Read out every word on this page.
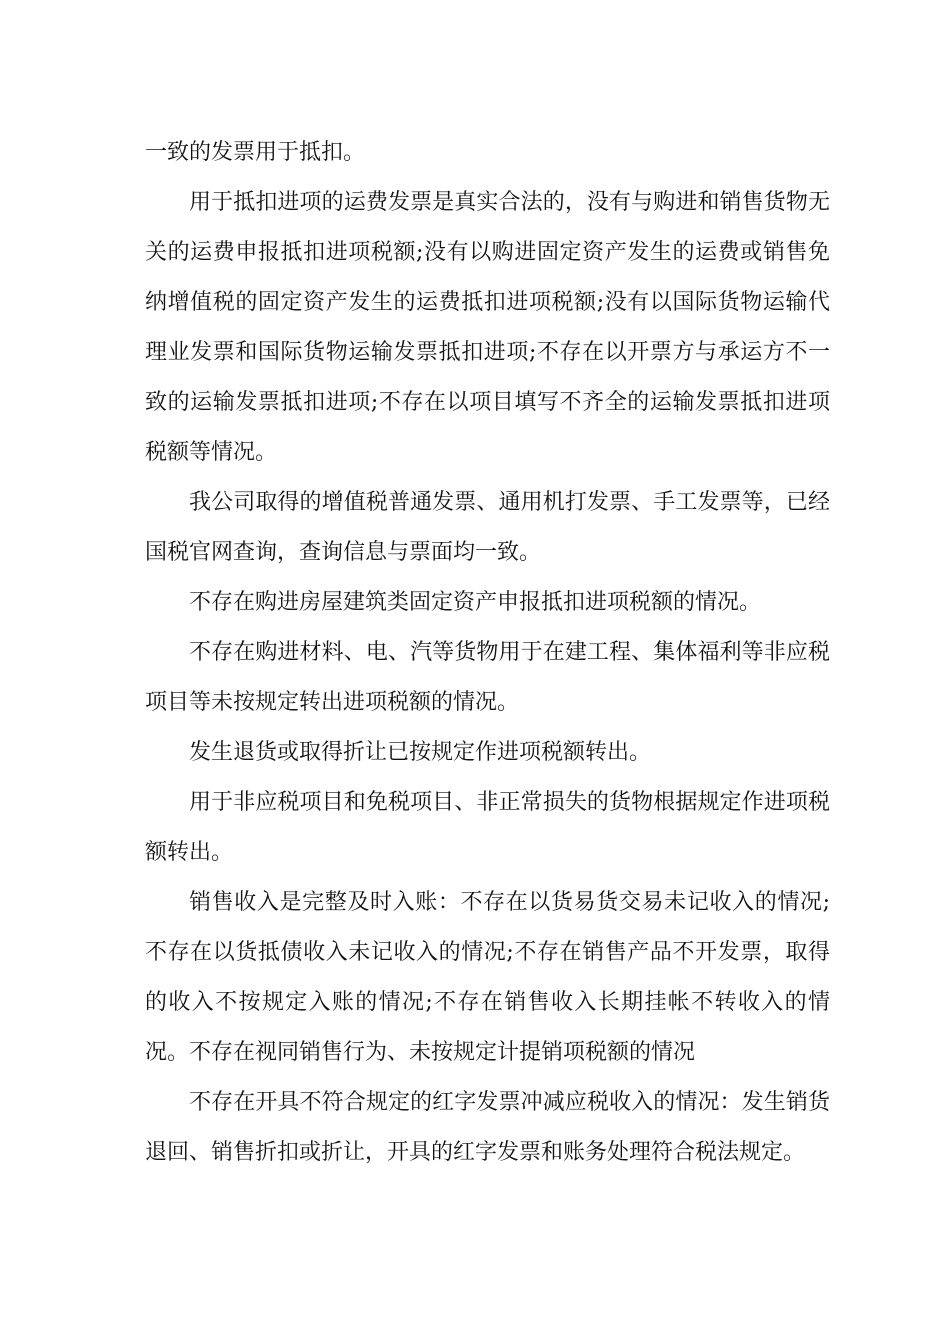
一致的发票用于抵扣。

用于抵扣进项的运费发票是真实合法的，没有与购进和销售货物无关的运费申报抵扣进项税额;没有以购进固定资产发生的运费或销售免纳增值税的固定资产发生的运费抵扣进项税额;没有以国际货物运输代理业发票和国际货物运输发票抵扣进项;不存在以开票方与承运方不一致的运输发票抵扣进项;不存在以项目填写不齐全的运输发票抵扣进项税额等情况。

我公司取得的增值税普通发票、通用机打发票、手工发票等，已经国税官网查询，查询信息与票面均一致。

不存在购进房屋建筑类固定资产申报抵扣进项税额的情况。

不存在购进材料、电、汽等货物用于在建工程、集体福利等非应税项目等未按规定转出进项税额的情况。

发生退货或取得折让已按规定作进项税额转出。

用于非应税项目和免税项目、非正常损失的货物根据规定作进项税额转出。

销售收入是完整及时入账：不存在以货易货交易未记收入的情况;不存在以货抵债收入未记收入的情况;不存在销售产品不开发票，取得的收入不按规定入账的情况;不存在销售收入长期挂帐不转收入的情况。不存在视同销售行为、未按规定计提销项税额的情况

不存在开具不符合规定的红字发票冲减应税收入的情况：发生销货退回、销售折扣或折让，开具的红字发票和账务处理符合税法规定。
